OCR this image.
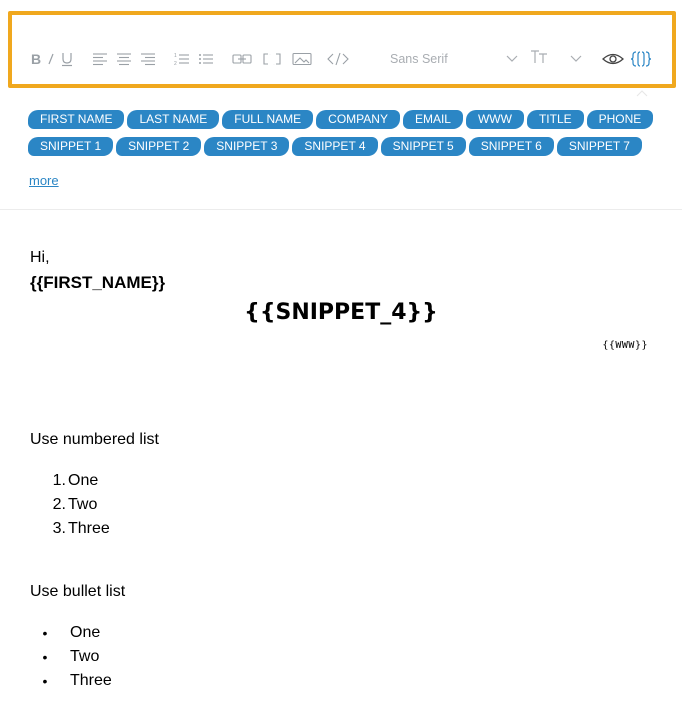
B	1
2	Sans Serif
FIRST NAME	LAST NAME	FULL NAME	COMPANY	EMAIL	WWW	TITLE	PHONE
SNIPPET 1	SNIPPET 2	SNIPPET 3	SNIPPET 4	SNIPPET 5	SNIPPET 6	SNIPPET 7
more
Hi,
{{FIRST_NAME}}
{{SNIPPET_4}}
{{WWW}}
Use numbered list
1. One
2. Two
3. Three
Use bullet list
•	One
•	Two
•	Three
